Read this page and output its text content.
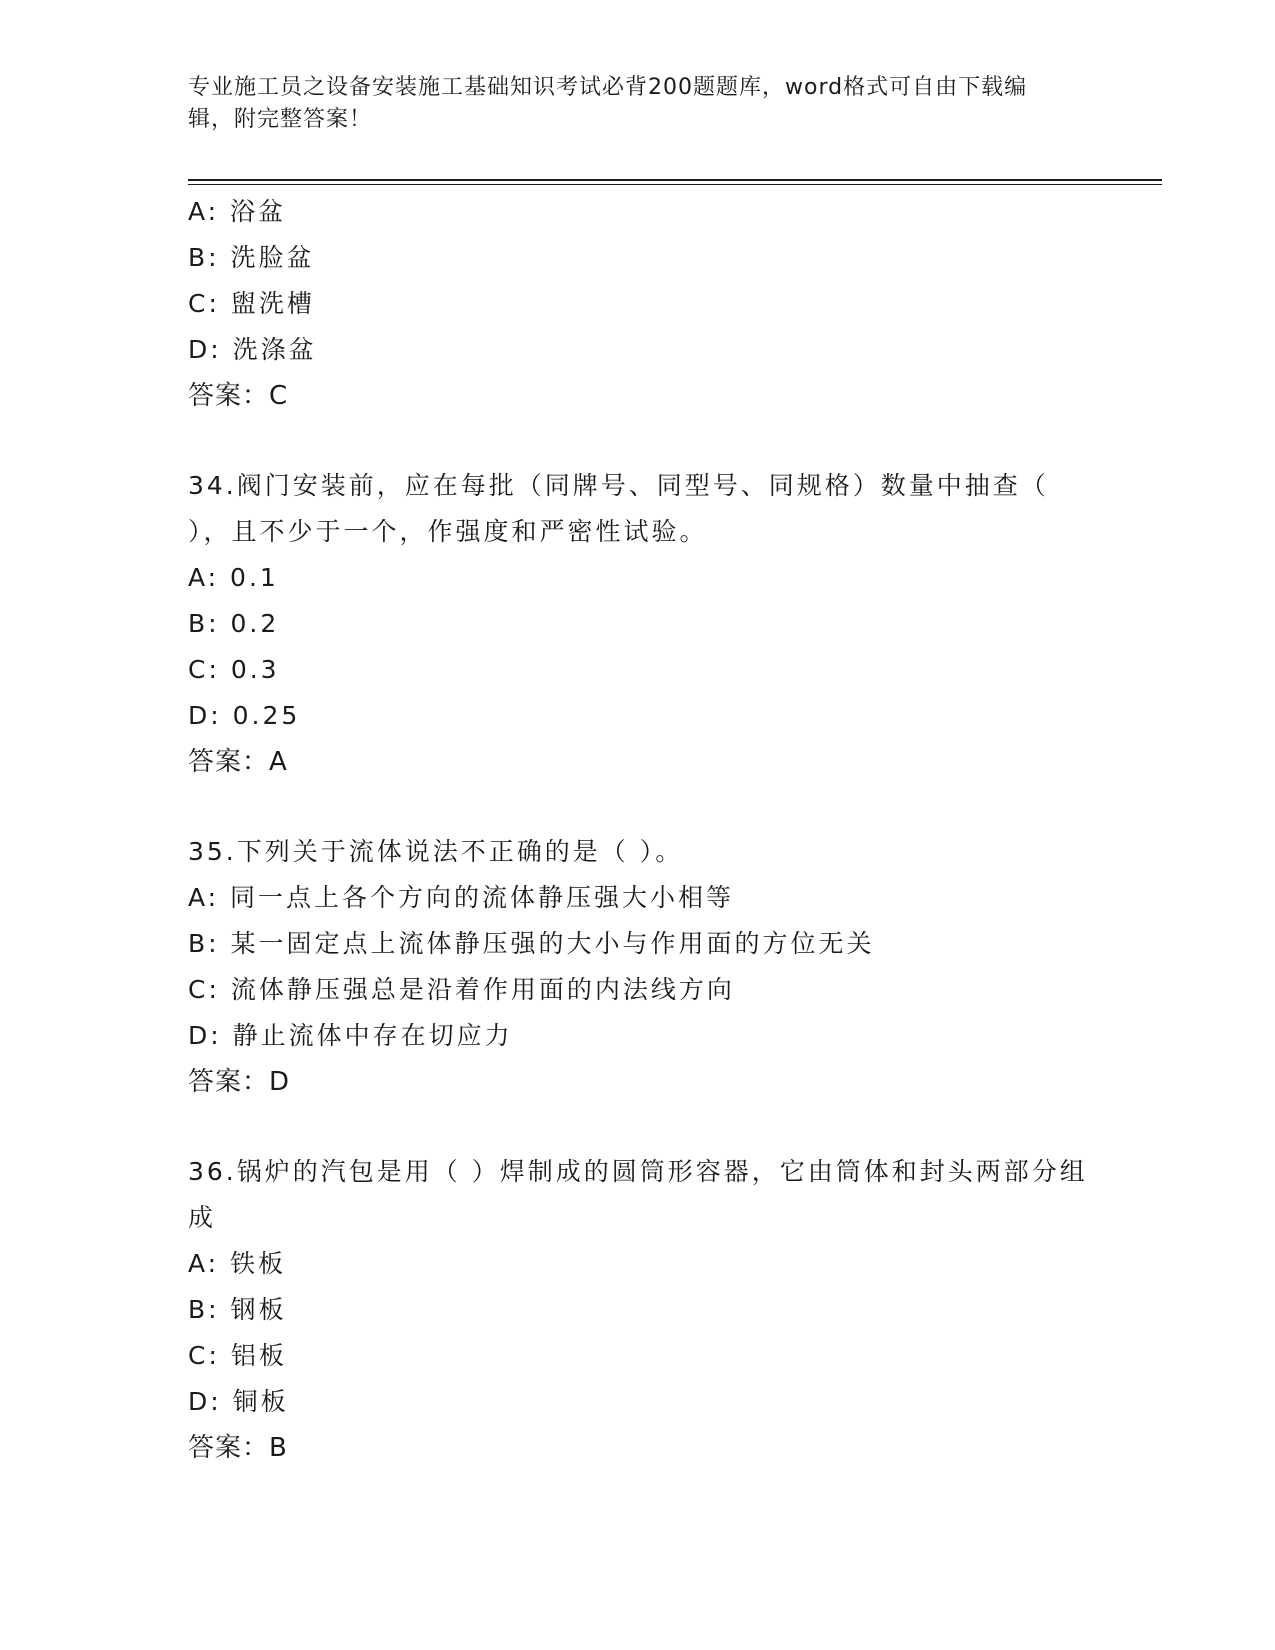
专业施工员之设备安装施工基础知识考试必背200题题库，word格式可自由下载编辑，附完整答案！
A: 浴盆
B: 洗脸盆
C: 盥洗槽
D: 洗涤盆
答案：C
34.阀门安装前，应在每批（同牌号、同型号、同规格）数量中抽查（ ），且不少于一个，作强度和严密性试验。
A: 0.1
B: 0.2
C: 0.3
D: 0.25
答案：A
35.下列关于流体说法不正确的是（ ）。
A: 同一点上各个方向的流体静压强大小相等
B: 某一固定点上流体静压强的大小与作用面的方位无关
C: 流体静压强总是沿着作用面的内法线方向
D: 静止流体中存在切应力
答案：D
36.锅炉的汽包是用（ ）焊制成的圆筒形容器，它由筒体和封头两部分组成
A: 铁板
B: 钢板
C: 铝板
D: 铜板
答案：B
